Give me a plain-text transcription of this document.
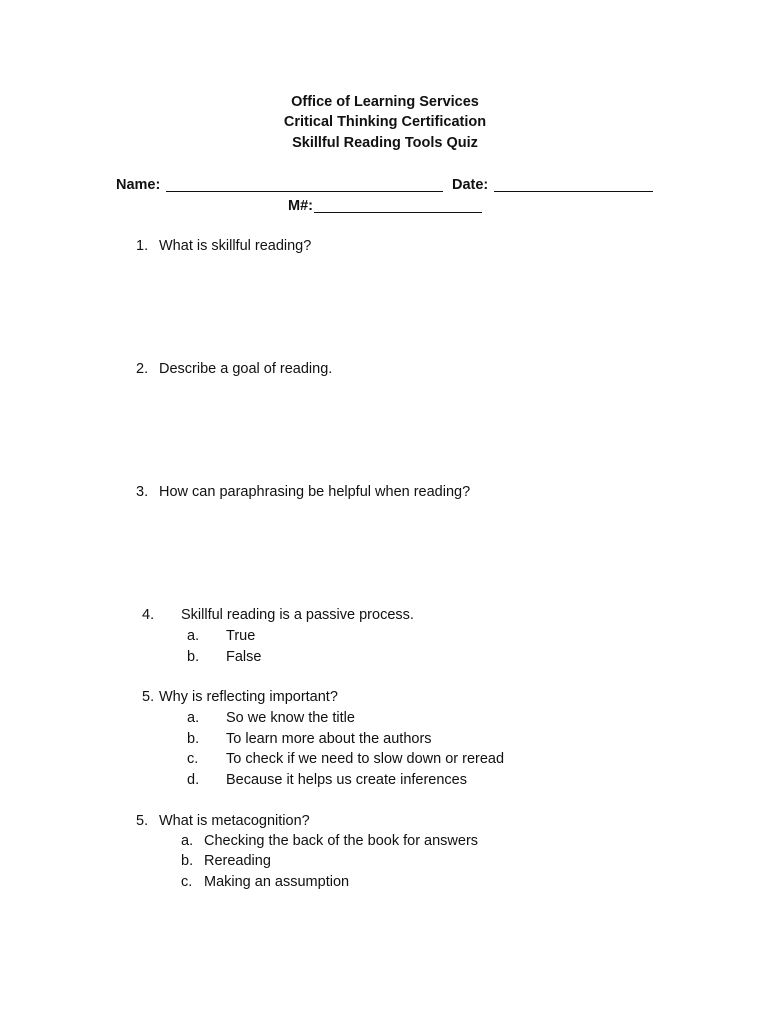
Office of Learning Services
Critical Thinking Certification
Skillful Reading Tools Quiz
Name:	Date:
M#:
1. What is skillful reading?
2. Describe a goal of reading.
3. How can paraphrasing be helpful when reading?
4. Skillful reading is a passive process.
a. True
b. False
5. Why is reflecting important?
a. So we know the title
b. To learn more about the authors
c. To check if we need to slow down or reread
d. Because it helps us create inferences
5. What is metacognition?
a. Checking the back of the book for answers
b. Rereading
c. Making an assumption
